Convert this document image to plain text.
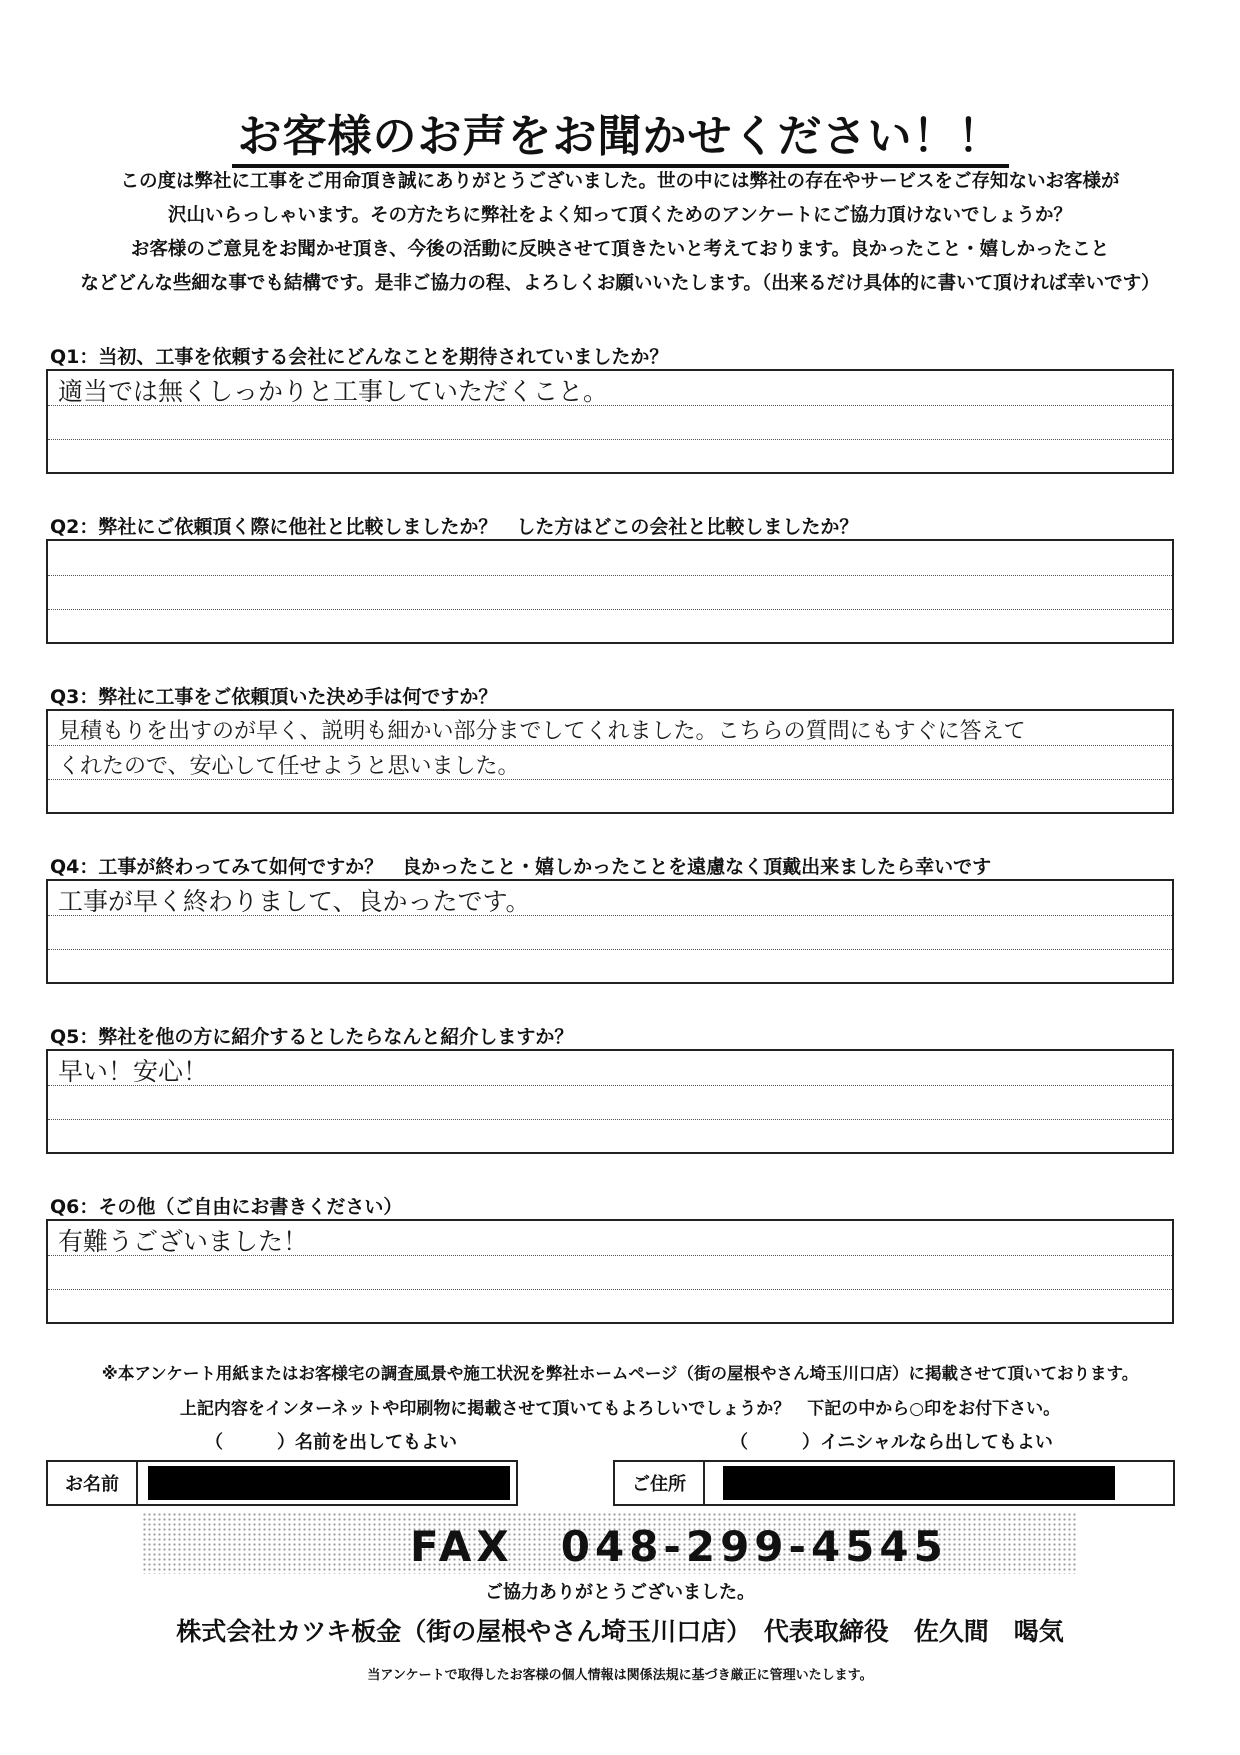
お客様のお声をお聞かせください！！
この度は弊社に工事をご用命頂き誠にありがとうございました。世の中には弊社の存在やサービスをご存知ないお客様が
沢山いらっしゃいます。その方たちに弊社をよく知って頂くためのアンケートにご協力頂けないでしょうか？
お客様のご意見をお聞かせ頂き、今後の活動に反映させて頂きたいと考えております。良かったこと・嬉しかったこと
などどんな些細な事でも結構です。是非ご協力の程、よろしくお願いいたします。（出来るだけ具体的に書いて頂ければ幸いです）
Q1：当初、工事を依頼する会社にどんなことを期待されていましたか？
適当では無くしっかりと工事していただくこと。
Q2：弊社にご依頼頂く際に他社と比較しましたか？　した方はどこの会社と比較しましたか？
Q3：弊社に工事をご依頼頂いた決め手は何ですか？
見積もりを出すのが早く、説明も細かい部分までしてくれました。こちらの質問にもすぐに答えて
くれたので、安心して任せようと思いました。
Q4：工事が終わってみて如何ですか？　良かったこと・嬉しかったことを遠慮なく頂戴出来ましたら幸いです
工事が早く終わりまして、良かったです。
Q5：弊社を他の方に紹介するとしたらなんと紹介しますか？
早い！安心！
Q6：その他（ご自由にお書きください）
有難うございました！
※本アンケート用紙またはお客様宅の調査風景や施工状況を弊社ホームページ（街の屋根やさん埼玉川口店）に掲載させて頂いております。
上記内容をインターネットや印刷物に掲載させて頂いてもよろしいでしょうか？　下記の中から○印をお付下さい。
（　　　）名前を出してもよい	（　　　）イニシャルなら出してもよい
お名前	ご住所
FAX　048-299-4545
ご協力ありがとうございました。
株式会社カツキ板金（街の屋根やさん埼玉川口店）　代表取締役　佐久間　喝気
当アンケートで取得したお客様の個人情報は関係法規に基づき厳正に管理いたします。
